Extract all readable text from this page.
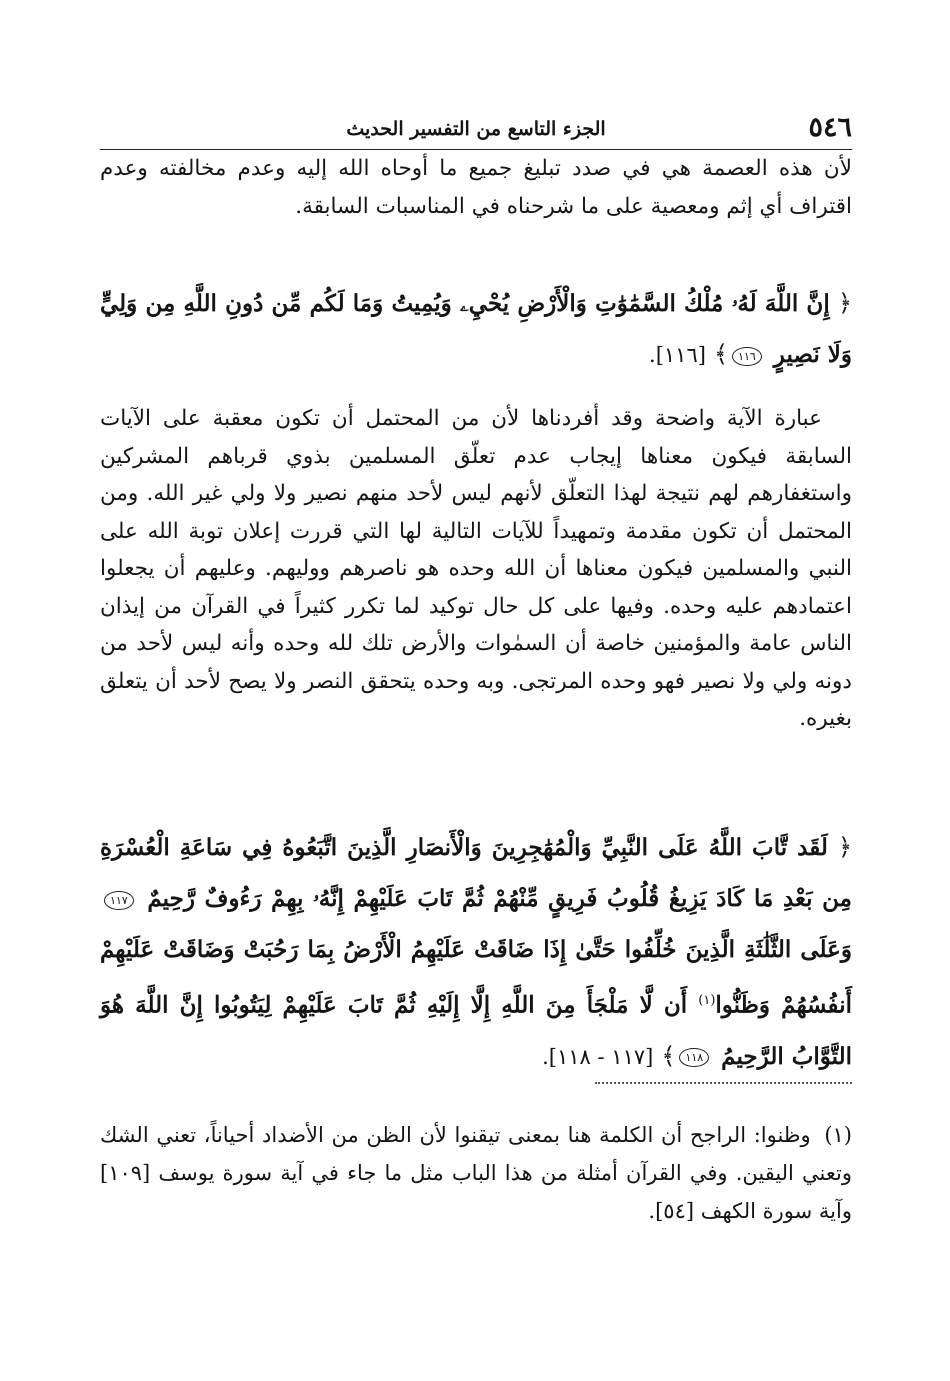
٥٤٦
الجزء التاسع من التفسير الحديث

لأن هذه العصمة هي في صدد تبليغ جميع ما أوحاه الله إليه وعدم مخالفته وعدم اقتراف أي إثم ومعصية على ما شرحناه في المناسبات السابقة.

﴿ إِنَّ اللَّهَ لَهُۥ مُلْكُ السَّمَٰوَٰتِ وَالْأَرْضِ يُحْيِۦ وَيُمِيتُ وَمَا لَكُم مِّن دُونِ اللَّهِ مِن وَلِيٍّ وَلَا نَصِيرٍ ١١٦﴾ [١١٦].

عبارة الآية واضحة وقد أفردناها لأن من المحتمل أن تكون معقبة على الآيات السابقة فيكون معناها إيجاب عدم تعلّق المسلمين بذوي قرباهم المشركين واستغفارهم لهم نتيجة لهذا التعلّق لأنهم ليس لأحد منهم نصير ولا ولي غير الله. ومن المحتمل أن تكون مقدمة وتمهيداً للآيات التالية لها التي قررت إعلان توبة الله على النبي والمسلمين فيكون معناها أن الله وحده هو ناصرهم ووليهم. وعليهم أن يجعلوا اعتمادهم عليه وحده. وفيها على كل حال توكيد لما تكرر كثيراً في القرآن من إيذان الناس عامة والمؤمنين خاصة أن السمٰوات والأرض تلك لله وحده وأنه ليس لأحد من دونه ولي ولا نصير فهو وحده المرتجى. وبه وحده يتحقق النصر ولا يصح لأحد أن يتعلق بغيره.

﴿ لَقَد تَّابَ اللَّهُ عَلَى النَّبِيِّ وَالْمُهَٰجِرِينَ وَالْأَنصَارِ الَّذِينَ اتَّبَعُوهُ فِي سَاعَةِ الْعُسْرَةِ مِن بَعْدِ مَا كَادَ يَزِيغُ قُلُوبُ فَرِيقٍ مِّنْهُمْ ثُمَّ تَابَ عَلَيْهِمْ إِنَّهُۥ بِهِمْ رَءُوفٌ رَّحِيمٌ ١١٧ وَعَلَى الثَّلَٰثَةِ الَّذِينَ خُلِّفُوا حَتَّىٰ إِذَا ضَاقَتْ عَلَيْهِمُ الْأَرْضُ بِمَا رَحُبَتْ وَضَاقَتْ عَلَيْهِمْ أَنفُسُهُمْ وَظَنُّوا$^{(١)}$ أَن لَّا مَلْجَأَ مِنَ اللَّهِ إِلَّا إِلَيْهِ ثُمَّ تَابَ عَلَيْهِمْ لِيَتُوبُوا إِنَّ اللَّهَ هُوَ التَّوَّابُ الرَّحِيمُ ١١٨﴾ [١١٧ - ١١٨].

(١) وظنوا: الراجح أن الكلمة هنا بمعنى تيقنوا لأن الظن من الأضداد أحياناً، تعني الشك وتعني اليقين. وفي القرآن أمثلة من هذا الباب مثل ما جاء في آية سورة يوسف [١٠٩] وآية سورة الكهف [٥٤].
